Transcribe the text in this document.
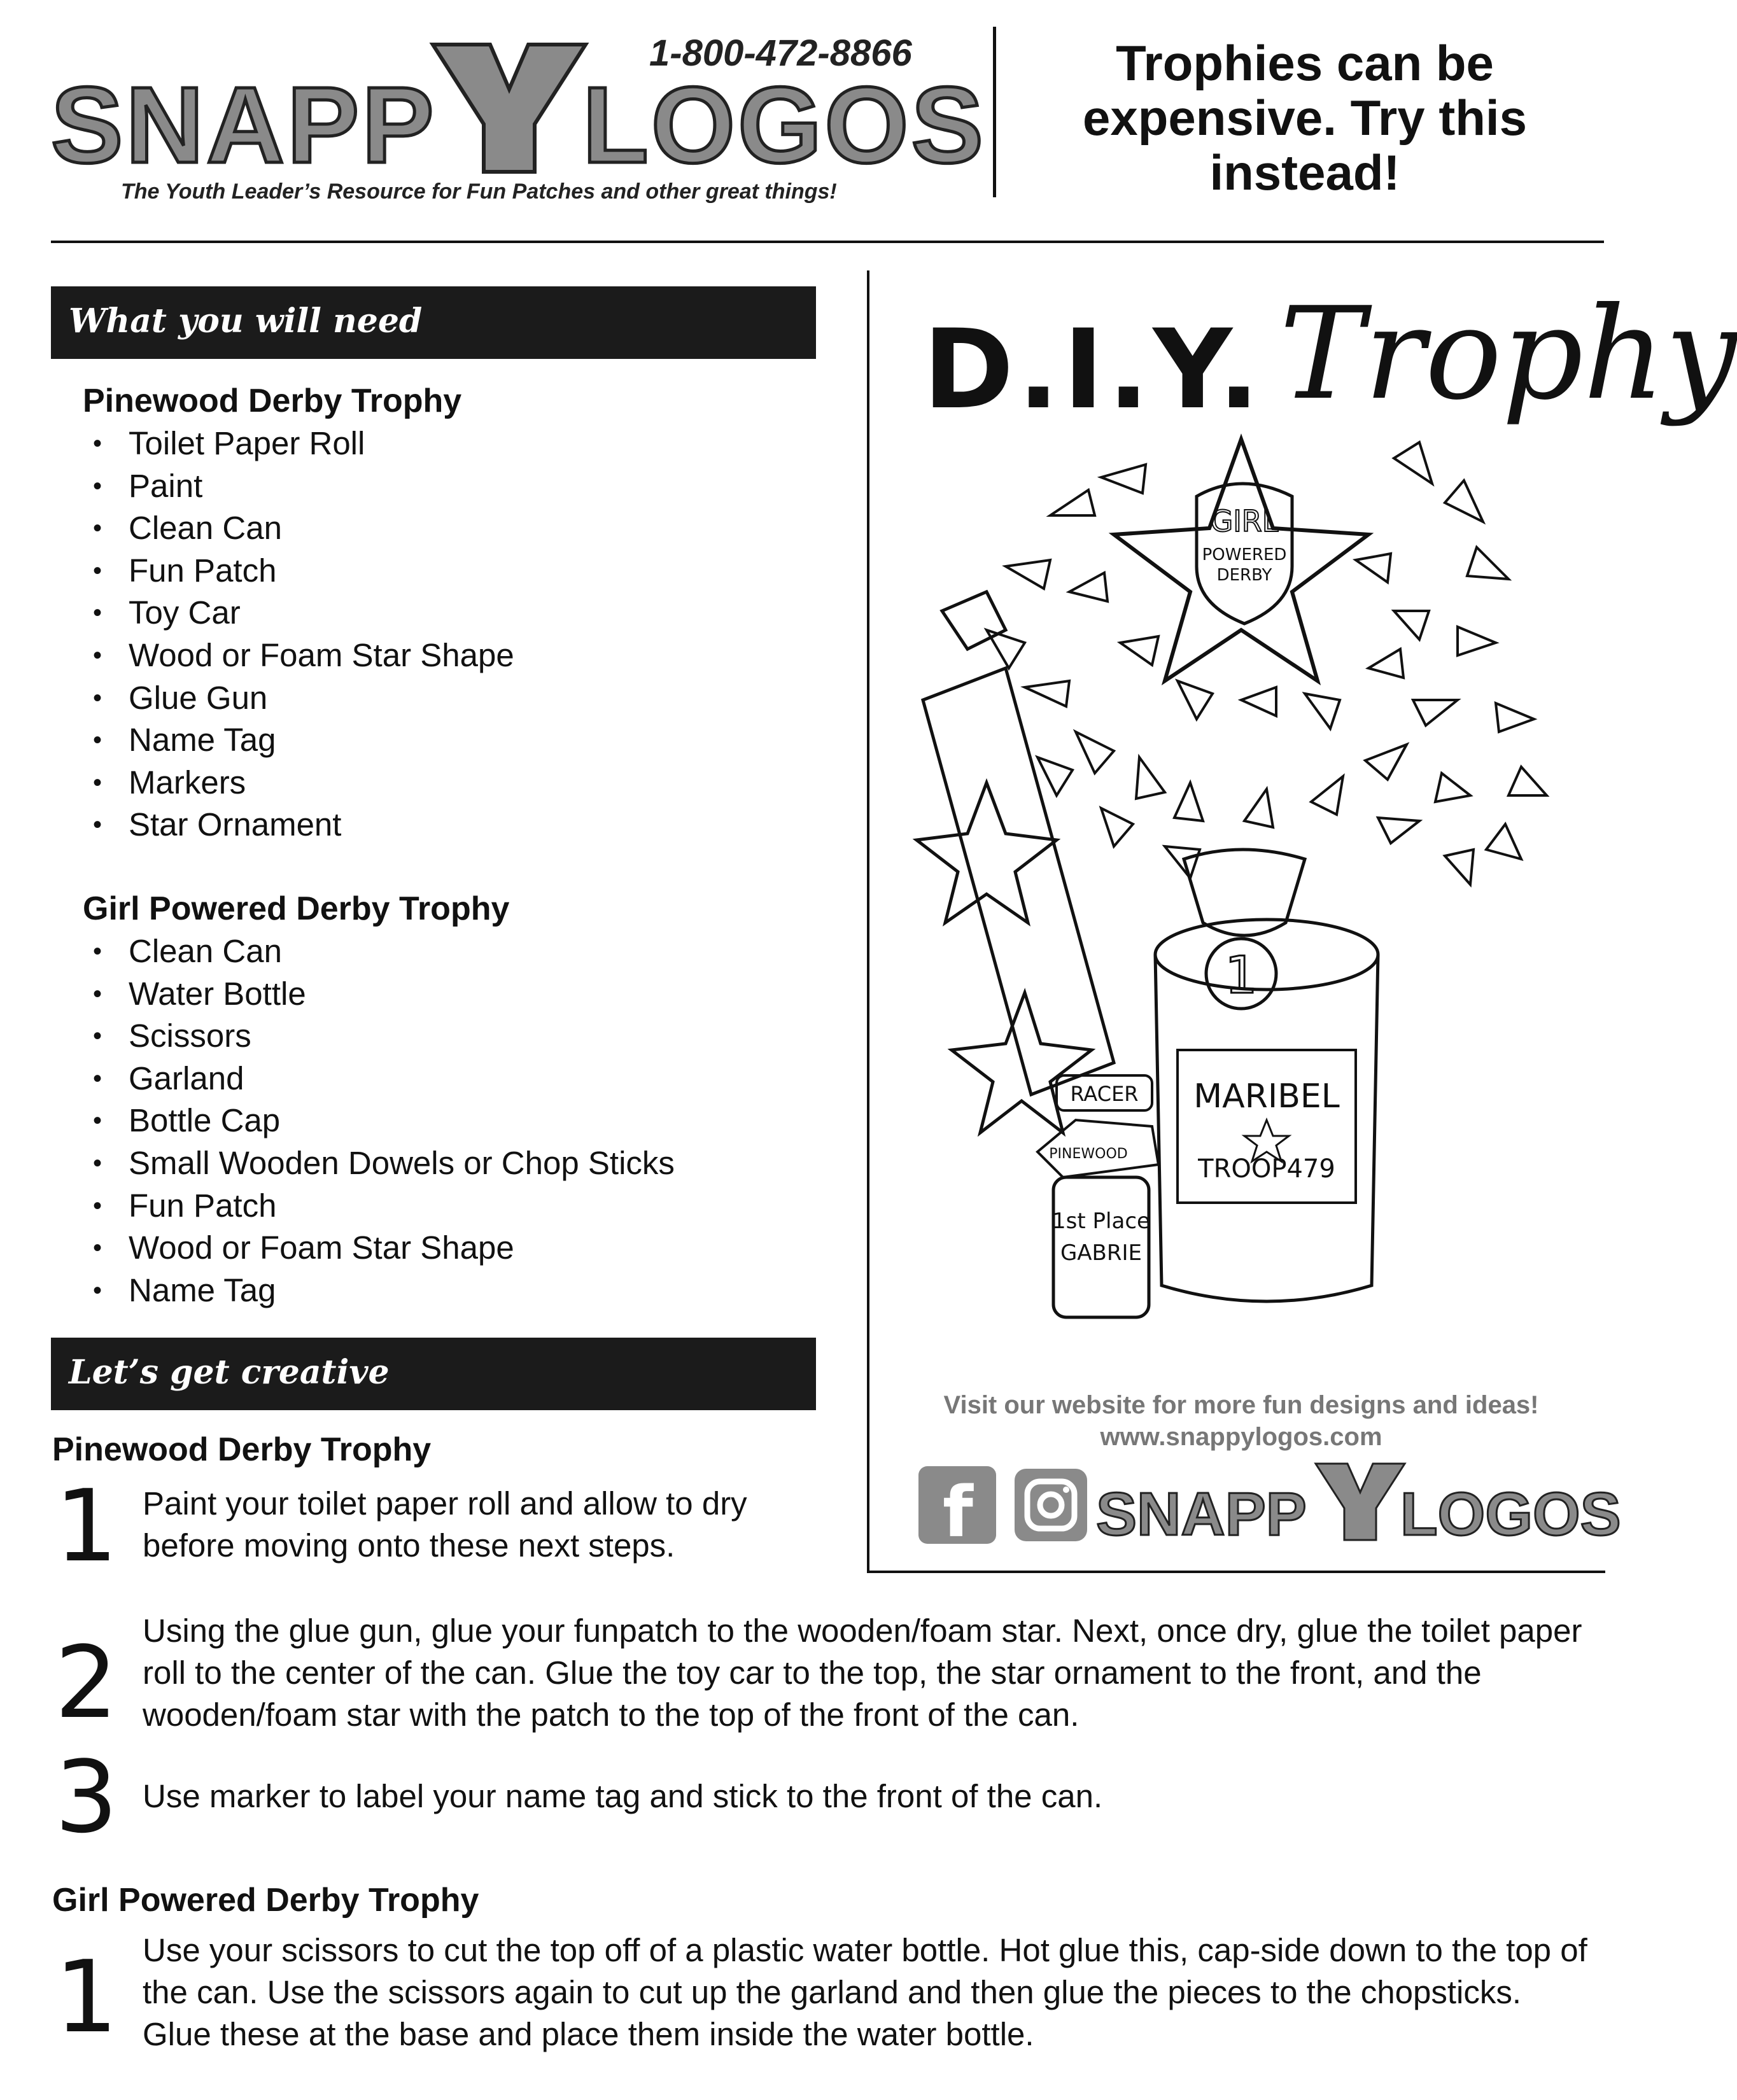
SNAPP LOGOS
1-800-472-8866
The Youth Leader’s Resource for Fun Patches and other great things!
Trophies can be expensive. Try this instead!
What you will need
Pinewood Derby Trophy
• Toilet Paper Roll
• Paint
• Clean Can
• Fun Patch
• Toy Car
• Wood or Foam Star Shape
• Glue Gun
• Name Tag
• Markers
• Star Ornament
Girl Powered Derby Trophy
• Clean Can
• Water Bottle
• Scissors
• Garland
• Bottle Cap
• Small Wooden Dowels or Chop Sticks
• Fun Patch
• Wood or Foam Star Shape
• Name Tag
D.I.Y. Trophy
GIRL
POWERED
DERBY
1
MARIBEL
TROOP479
1st Place
GABRIE
RACER
PINEWOOD
Visit our website for more fun designs and ideas!
www.snappylogos.com
f SNAPP LOGOS
Let’s get creative
Pinewood Derby Trophy
1 Paint your toilet paper roll and allow to dry before moving onto these next steps.
2 Using the glue gun, glue your funpatch to the wooden/foam star. Next, once dry, glue the toilet paper roll to the center of the can. Glue the toy car to the top, the star ornament to the front, and the wooden/foam star with the patch to the top of the front of the can.
3 Use marker to label your name tag and stick to the front of the can.
Girl Powered Derby Trophy
1 Use your scissors to cut the top off of a plastic water bottle. Hot glue this, cap-side down to the top of the can. Use the scissors again to cut up the garland and then glue the pieces to the chopsticks. Glue these at the base and place them inside the water bottle.
